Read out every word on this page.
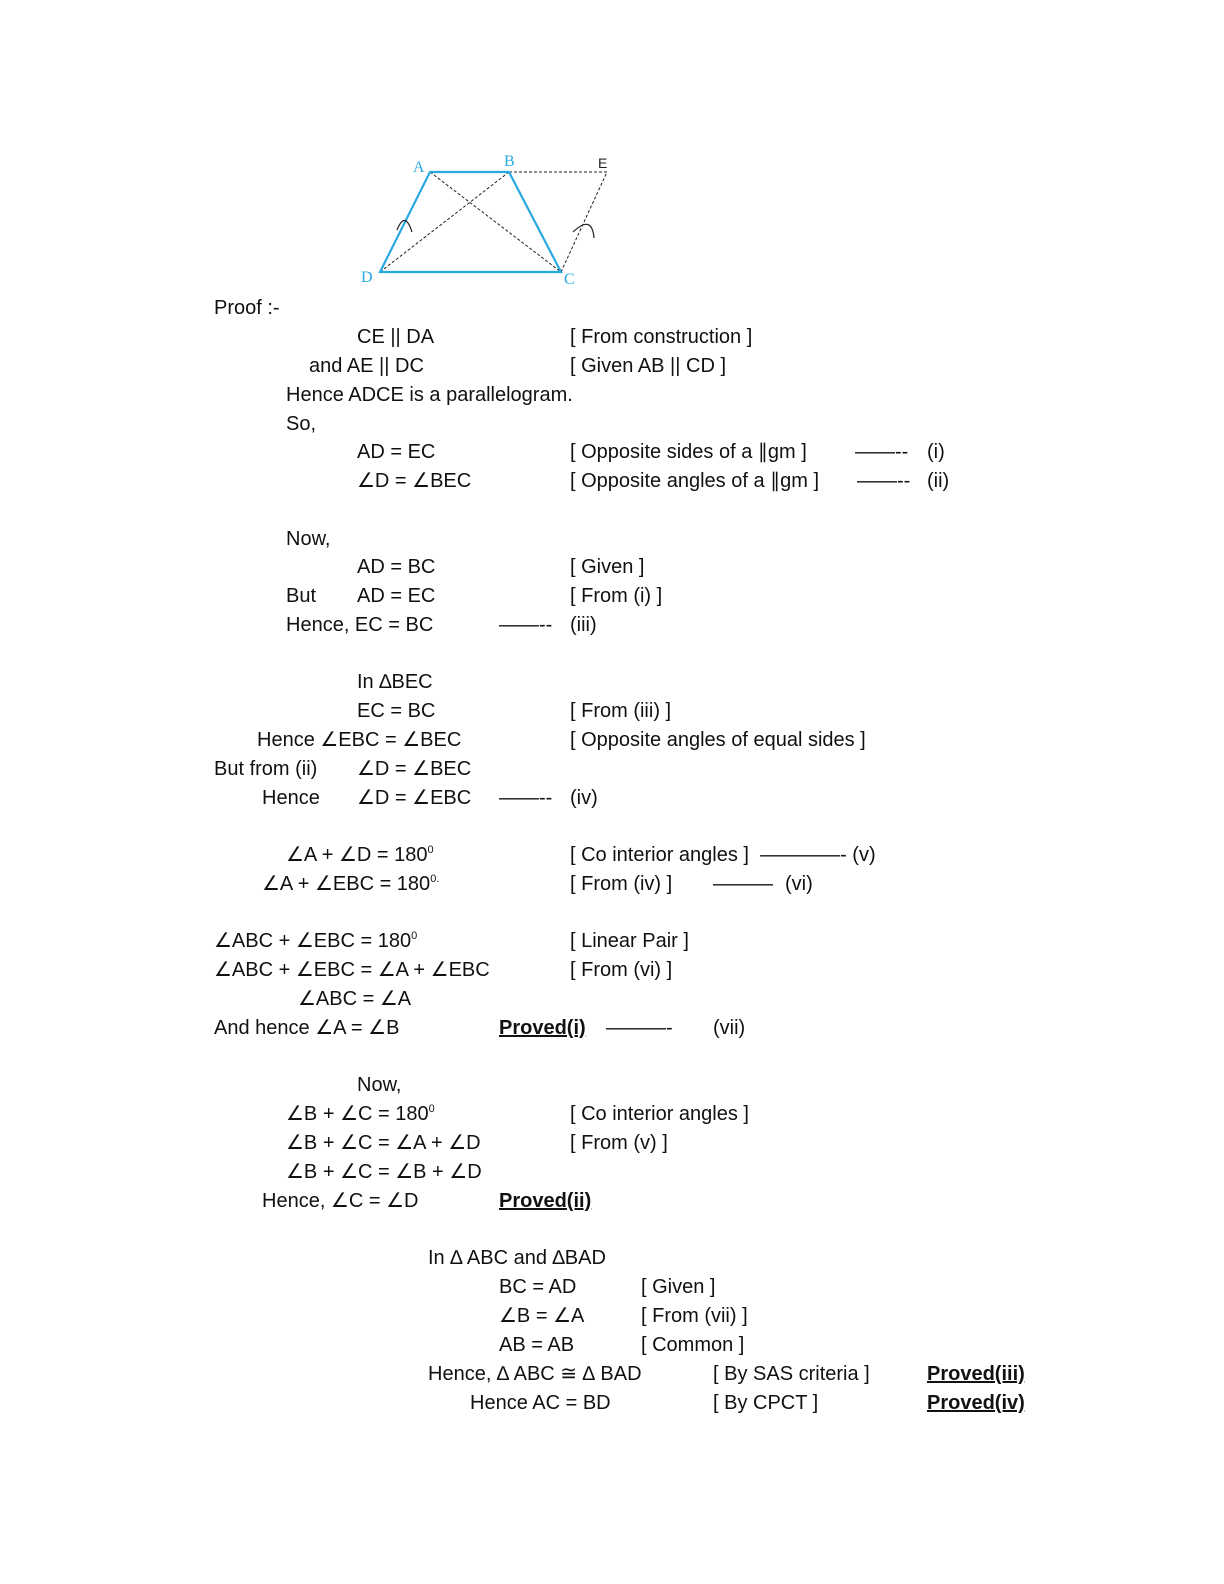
A	B	E
D	C
Proof :-
CE || DA	[ From construction ]
and AE || DC	[ Given AB || CD ]
Hence ADCE is a parallelogram.
So,
AD = EC	[ Opposite sides of a ∥gm ] ——-- (i)
∠D = ∠BEC	[ Opposite angles of a ∥gm ] ——-- (ii)
Now,
AD = BC	[ Given ]
But AD = EC	[ From (i) ]
Hence, EC = BC	——-- (iii)
In ∆BEC
EC = BC	[ From (iii) ]
Hence ∠EBC = ∠BEC	[ Opposite angles of equal sides ]
But from (ii) ∠D = ∠BEC
Hence ∠D = ∠EBC ——-- (iv)
∠A + ∠D = $180^0$	[ Co interior angles ]  ————- (v)
∠A + ∠EBC = $180^{0.}$	[ From (iv) ] ——— (vi)
∠ABC + ∠EBC = $180^0$	[ Linear Pair ]
∠ABC + ∠EBC = ∠A + ∠EBC	[ From (vi) ]
∠ABC = ∠A
And hence ∠A = ∠B	Proved(i) ———- (vii)
Now,
∠B + ∠C = $180^0$	[ Co interior angles ]
∠B + ∠C = ∠A + ∠D	[ From (v) ]
∠B + ∠C = ∠B + ∠D
Hence, ∠C = ∠D	Proved(ii)
In ∆ ABC and ∆BAD
BC = AD	[ Given ]
∠B = ∠A	[ From (vii) ]
AB = AB	[ Common ]
Hence, ∆ ABC ≅ ∆ BAD	[ By SAS criteria ]	Proved(iii)
Hence AC = BD	[ By CPCT ]	Proved(iv)
